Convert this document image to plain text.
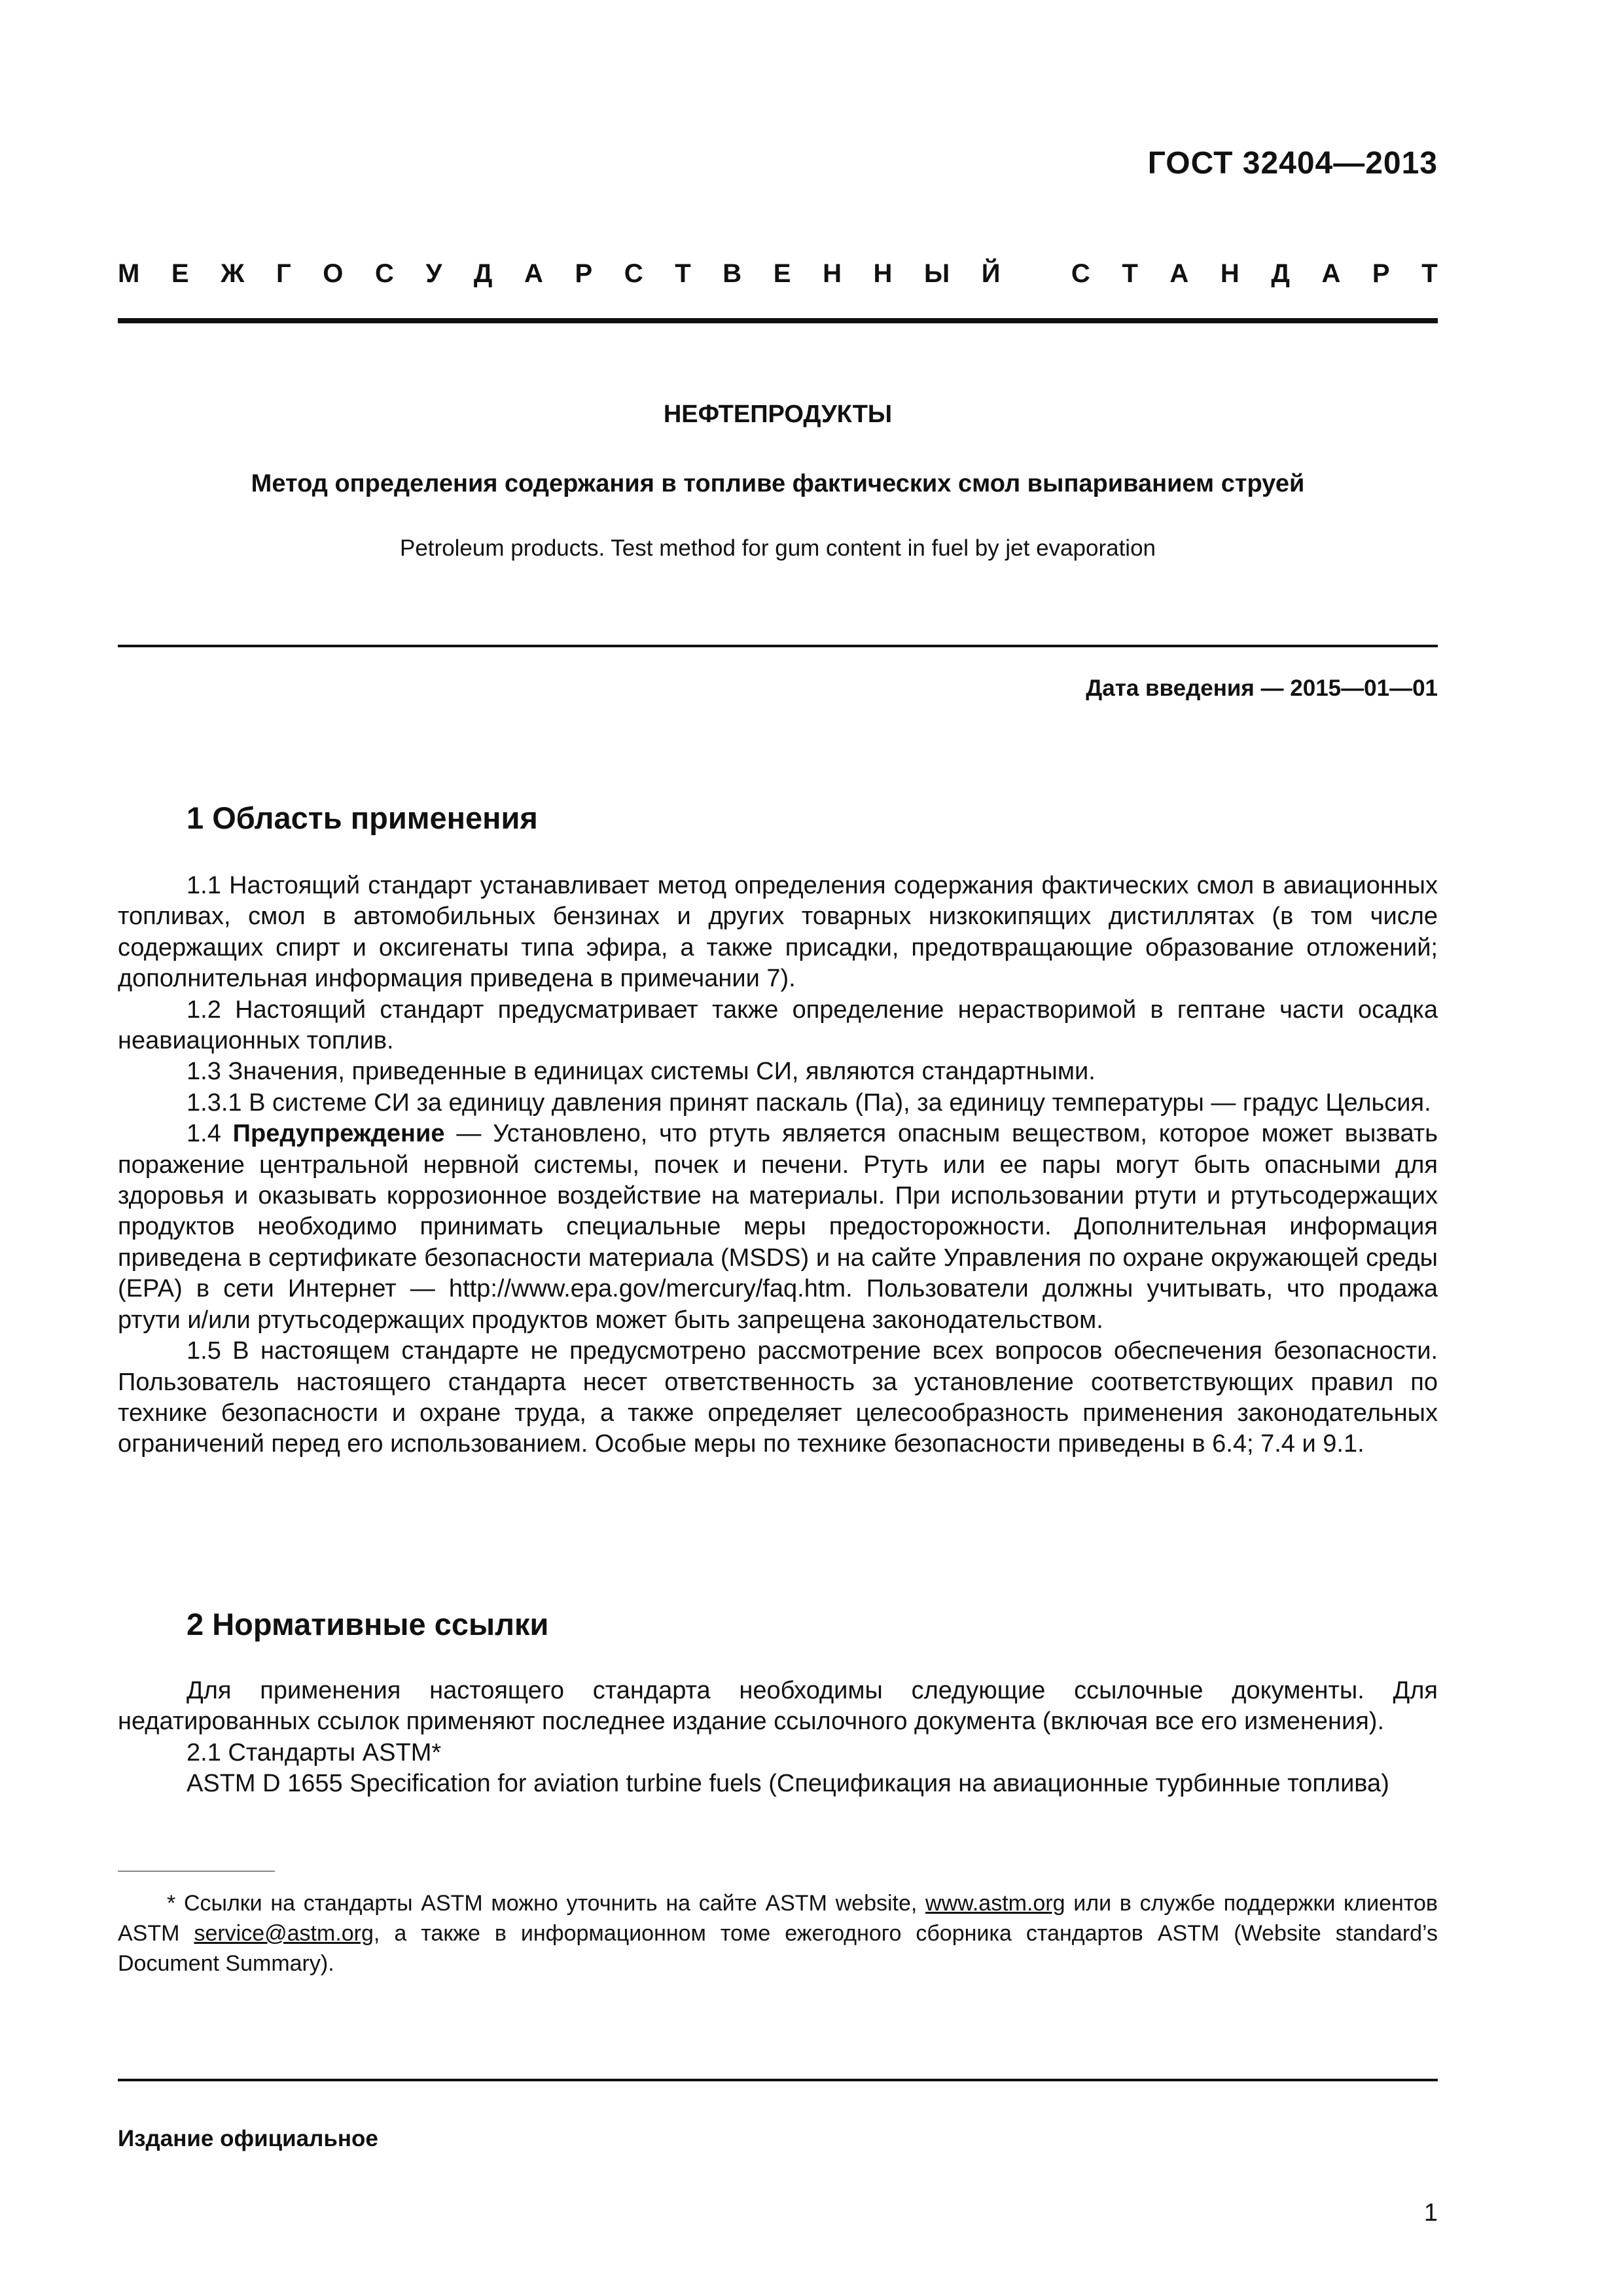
ГОСТ 32404—2013
М Е Ж Г О С У Д А Р С Т В Е Н Н Ы Й
	С Т А Н Д А Р Т
НЕФТЕПРОДУКТЫ
Метод определения содержания в топливе фактических смол выпариванием струей
Petroleum products. Test method for gum content in fuel by jet evaporation
Дата введения — 2015—01—01
1 Область применения

1.1 Настоящий стандарт устанавливает метод определения содержания фактических смол в авиационных топливах, смол в автомобильных бензинах и других товарных низкокипящих дистиллятах (в том числе содержащих спирт и оксигенаты типа эфира, а также присадки, предотвращающие образование отложений; дополнительная информация приведена в примечании 7).

1.2 Настоящий стандарт предусматривает также определение нерастворимой в гептане части осадка неавиационных топлив.

1.3 Значения, приведенные в единицах системы СИ, являются стандартными.

1.3.1 В системе СИ за единицу давления принят паскаль (Па), за единицу температуры — градус Цельсия.

1.4 Предупреждение — Установлено, что ртуть является опасным веществом, которое может вызвать поражение центральной нервной системы, почек и печени. Ртуть или ее пары могут быть опасными для здоровья и оказывать коррозионное воздействие на материалы. При использовании ртути и ртутьсодержащих продуктов необходимо принимать специальные меры предосторожности. Дополнительная информация приведена в сертификате безопасности материала (MSDS) и на сайте Управления по охране окружающей среды (ЕРА) в сети Интернет — http://www.epa.gov/mercury/faq.htm. Пользователи должны учитывать, что продажа ртути и/или ртутьсодержащих продуктов может быть запрещена законодательством.

1.5 В настоящем стандарте не предусмотрено рассмотрение всех вопросов обеспечения безопасности. Пользователь настоящего стандарта несет ответственность за установление соответствующих правил по технике безопасности и охране труда, а также определяет целесообразность применения законодательных ограничений перед его использованием. Особые меры по технике безопасности приведены в 6.4; 7.4 и 9.1.

2 Нормативные ссылки

Для применения настоящего стандарта необходимы следующие ссылочные документы. Для недатированных ссылок применяют последнее издание ссылочного документа (включая все его изменения).

2.1 Стандарты ASTM*

ASTM D 1655 Specification for aviation turbine fuels (Спецификация на авиационные турбинные топлива)

* Ссылки на стандарты ASTM можно уточнить на сайте ASTM website, www.astm.org или в службе поддержки клиентов ASTM service@astm.org, а также в информационном томе ежегодного сборника стандартов ASTM (Website standard’s Document Summary).

Издание официальное
1
